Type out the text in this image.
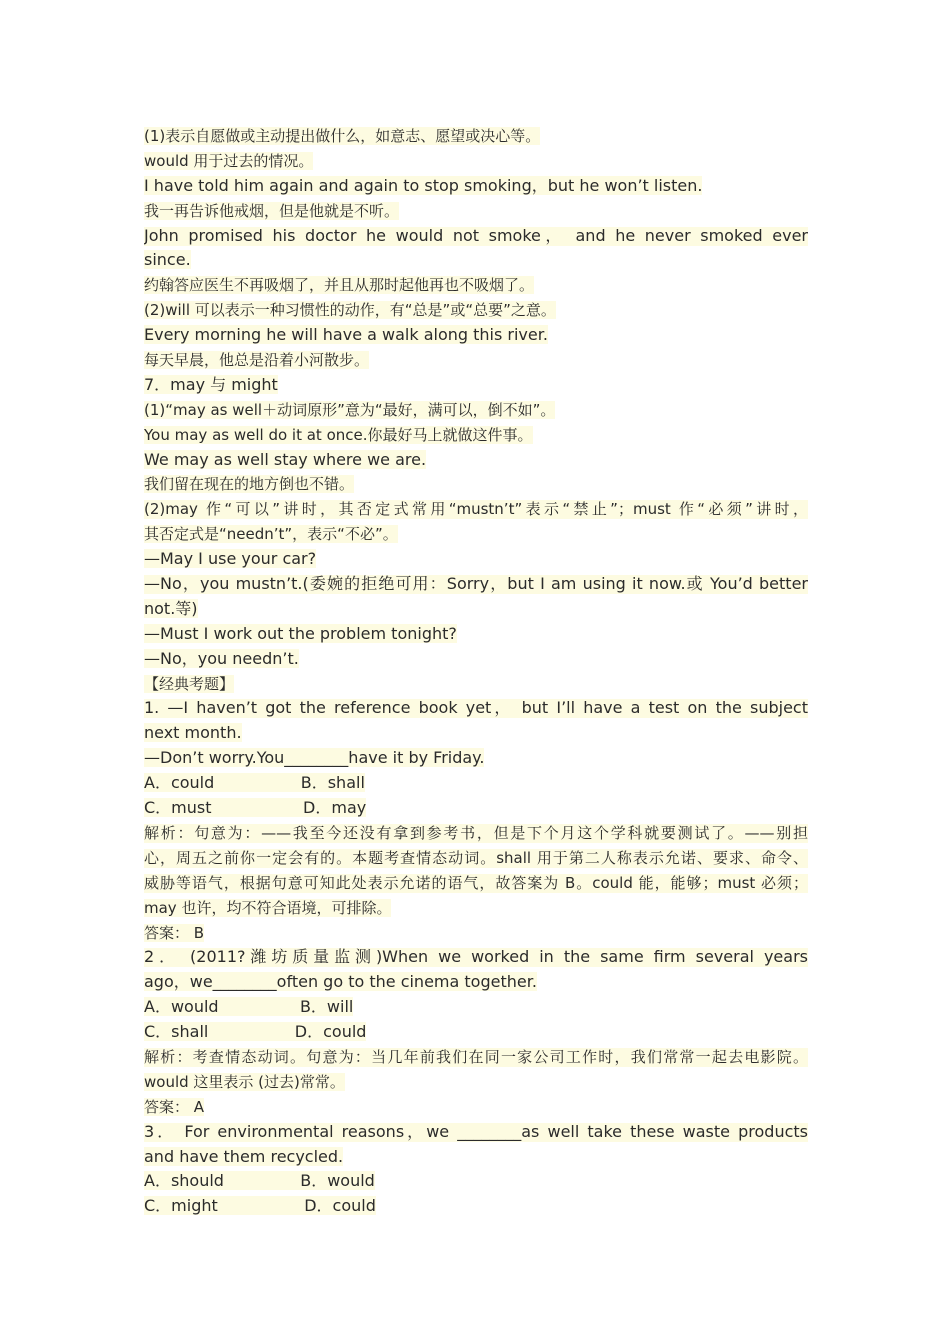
(1)表示自愿做或主动提出做什么，如意志、愿望或决心等。
would 用于过去的情况。
I have told him again and again to stop smoking，but he won’t listen.
我一再告诉他戒烟，但是他就是不听。
John promised his doctor he would not smoke， and he never smoked ever
since.
约翰答应医生不再吸烟了，并且从那时起他再也不吸烟了。
(2)will 可以表示一种习惯性的动作，有“总是”或“总要”之意。
Every morning he will have a walk along this river.
每天早晨，他总是沿着小河散步。
7．may 与 might
(1)“may as well＋动词原形”意为“最好，满可以，倒不如”。
You may as well do it at once.你最好马上就做这件事。
We may as well stay where we are.
我们留在现在的地方倒也不错。
(2)may 作“可以”讲时，其否定式常用“mustn’t”表示“禁止”；must 作“必须”讲时，
其否定式是“needn’t”，表示“不必”。
—May I use your car?
—No，you mustn’t.(委婉的拒绝可用：Sorry，but I am using it now.或 You’d better
not.等)
—Must I work out the problem tonight?
—No，you needn’t.
【经典考题】
1. —I haven’t got the reference book yet， but I’ll have a test on the subject
next month.
—Don’t worry.You________have it by Friday.
A．could                 B．shall
C．must                  D．may
解析：句意为：——我至今还没有拿到参考书，但是下个月这个学科就要测试了。——别担
心，周五之前你一定会有的。本题考查情态动词。shall 用于第二人称表示允诺、要求、命令、
威胁等语气，根据句意可知此处表示允诺的语气，故答案为 B。could 能，能够；must 必须；
may 也许，均不符合语境，可排除。
答案： B
2． (2011?潍坊质量监测)When we worked in the same firm several years
ago，we________often go to the cinema together.
A．would                B．will
C．shall                 D．could
解析：考查情态动词。句意为：当几年前我们在同一家公司工作时，我们常常一起去电影院。
would 这里表示 (过去)常常。
答案： A
3． For environmental reasons，we ________as well take these waste products
and have them recycled.
A．should               B．would
C．might                 D．could
